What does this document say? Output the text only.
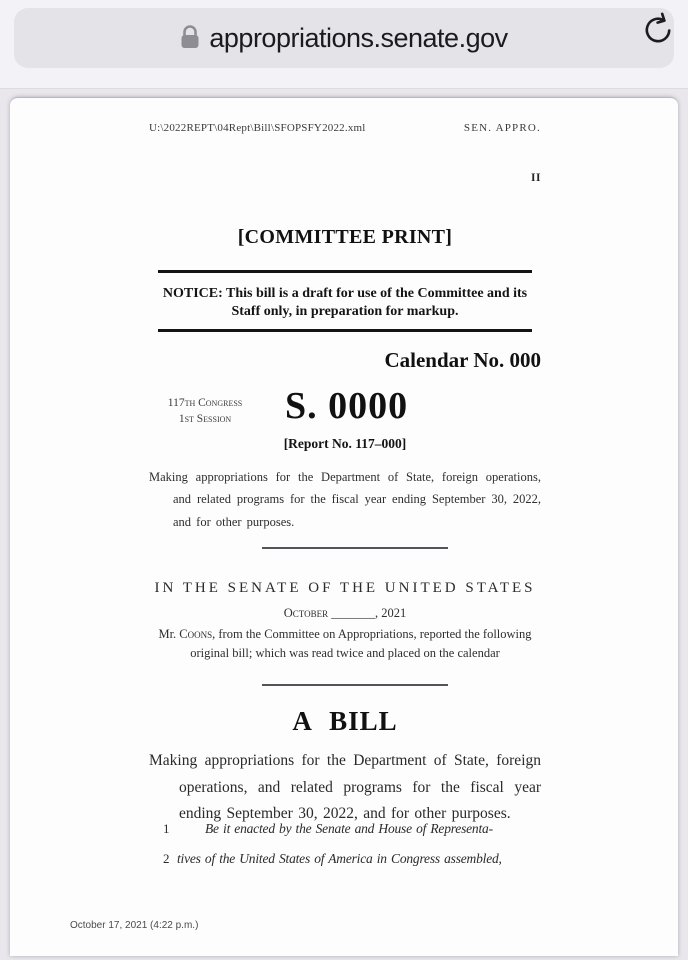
appropriations.senate.gov
U:\2022REPT\04Rept\Bill\SFOPSFY2022.xml	SEN. APPRO.
II
[COMMITTEE PRINT]
NOTICE: This bill is a draft for use of the Committee and its Staff only, in preparation for markup.
Calendar No. 000
117th Congress
1st Session	S. 0000
[Report No. 117–000]
Making appropriations for the Department of State, foreign operations, and related programs for the fiscal year ending September 30, 2022, and for other purposes.
IN THE SENATE OF THE UNITED STATES
October _______, 2021
Mr. Coons, from the Committee on Appropriations, reported the following original bill; which was read twice and placed on the calendar
A BILL
Making appropriations for the Department of State, foreign operations, and related programs for the fiscal year ending September 30, 2022, and for other purposes.
1	Be it enacted by the Senate and House of Representa-
2 tives of the United States of America in Congress assembled,
October 17, 2021 (4:22 p.m.)
